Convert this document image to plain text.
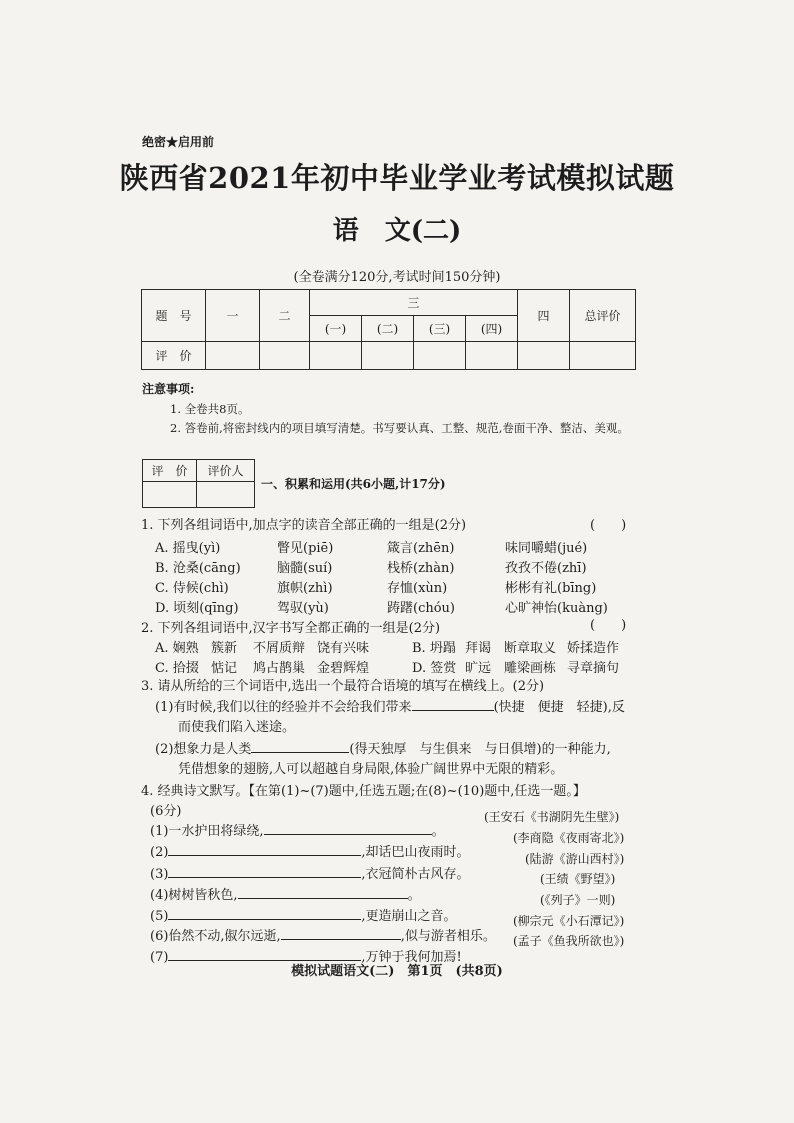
绝密★启用前
陕西省2021年初中毕业学业考试模拟试题
语　文(二)
(全卷满分120分,考试时间150分钟)
题　号	一	二	三				四	总评价
			(一)	(二)	(三)	(四)		
评　价								
注意事项:
1. 全卷共8页。
2. 答卷前,将密封线内的项目填写清楚。书写要认真、工整、规范,卷面干净、整洁、美观。
评　价	评价人

一、积累和运用(共6小题,计17分)
1. 下列各组词语中,加点字的读音全部正确的一组是(2分)	(　　)
A. 摇曳(yì)	瞥见(piē)	箴言(zhēn)	味同嚼蜡(jué)
B. 沧桑(cāng)	脑髓(suí)	栈桥(zhàn)	孜孜不倦(zhī)
C. 侍候(chì)	旗帜(zhì)	存恤(xùn)	彬彬有礼(bīng)
D. 顷刻(qīng)	驾驭(yù)	踌躇(chóu)	心旷神怡(kuàng)
2. 下列各组词语中,汉字书写全都正确的一组是(2分)	(　　)
A. 娴熟 簇新 不屑质辩 饶有兴味	B. 坍蹋 拜谒 断章取义 娇揉造作
C. 拾掇 惦记 鸠占鹊巢 金碧辉煌	D. 签赏 旷远 雕梁画栋 寻章摘句
3. 请从所给的三个词语中,选出一个最符合语境的填写在横线上。(2分)
(1)有时候,我们以往的经验并不会给我们带来	(快捷　便捷　轻捷),反
而使我们陷入迷途。
(2)想象力是人类	(得天独厚　与生俱来　与日俱增)的一种能力,
凭借想象的翅膀,人可以超越自身局限,体验广阔世界中无限的精彩。
4. 经典诗文默写。【在第(1)~(7)题中,任选五题;在(8)~(10)题中,任选一题。】
(6分)
(1)一水护田将绿绕,	。
(王安石《书湖阴先生壁》)
(2)	,却话巴山夜雨时。
(李商隐《夜雨寄北》)
(3)	,衣冠简朴古风存。
(陆游《游山西村》)
(4)树树皆秋色,	。
(王绩《野望》)
(5)	,更造崩山之音。
(《列子》一则)
(6)佁然不动,俶尔远逝,	,似与游者相乐。
(柳宗元《小石潭记》)
(7)	,万钟于我何加焉!
(孟子《鱼我所欲也》)
模拟试题语文(二)　第1页　(共8页)
